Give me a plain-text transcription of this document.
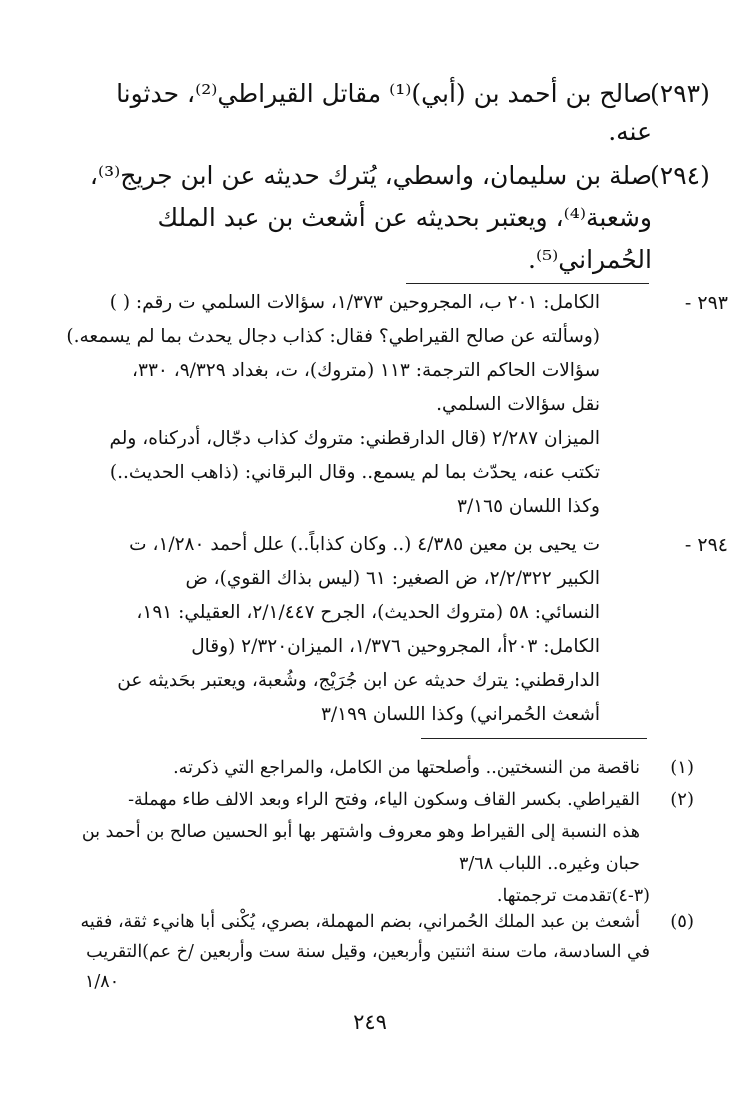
(٢٩٣)
صالح بن أحمد بن (أبي)⁽¹⁾ مقاتل القيراطي⁽²⁾، حدثونا
عنه.
(٢٩٤)
صلة بن سليمان، واسطي، يُترك حديثه عن ابن جريج⁽³⁾،
وشعبة⁽⁴⁾، ويعتبر بحديثه عن أشعث بن عبد الملك
الحُمراني⁽⁵⁾.
٢٩٣ -
الكامل: ٢٠١ ب، المجروحين ١/٣٧٣، سؤالات السلمي ت رقم: ( )
(وسألته عن صالح القيراطي؟ فقال: كذاب دجال يحدث بما لم يسمعه.)
سؤالات الحاكم الترجمة: ١١٣ (متروك)، ت، بغداد ٩/٣٢٩، ٣٣٠،
نقل سؤالات السلمي.
الميزان ٢/٢٨٧ (قال الدارقطني: متروك كذاب دجّال، أدركناه، ولم
تكتب عنه، يحدّث بما لم يسمع.. وقال البرقاني: (ذاهب الحديث..)
وكذا اللسان ٣/١٦٥
٢٩٤ -
ت يحيى بن معين ٤/٣٨٥ (.. وكان كذاباً..) علل أحمد ١/٢٨٠، ت
الكبير ٢/٢/٣٢٢، ض الصغير: ٦١ (ليس بذاك القوي)، ض
النسائي: ٥٨ (متروك الحديث)، الجرح ٢/١/٤٤٧، العقيلي: ١٩١،
الكامل: ٢٠٣أ، المجروحين ١/٣٧٦، الميزان٢/٣٢٠ (وقال
الدارقطني: يترك حديثه عن ابن جُرَيْج، وشُعبة، ويعتبر بحَديثه عن
أشعث الحُمراني) وكذا اللسان ٣/١٩٩
(١)
ناقصة من النسختين.. وأصلحتها من الكامل، والمراجع التي ذكرته.
(٢)
القيراطي. بكسر القاف وسكون الياء، وفتح الراء وبعد الالف طاء مهملة-
هذه النسبة إلى القيراط وهو معروف واشتهر بها أبو الحسين صالح بن أحمد بن
حبان وغيره.. اللباب ٣/٦٨
(٣-٤)تقدمت ترجمتها.
(٥)
أشعث بن عبد الملك الحُمراني، بضم المهملة، بصري، يُكْنى أبا هانيء ثقة، فقيه
في السادسة، مات سنة اثنتين وأربعين، وقيل سنة ست وأربعين /خ عم)التقريب
١/٨٠
٢٤٩
